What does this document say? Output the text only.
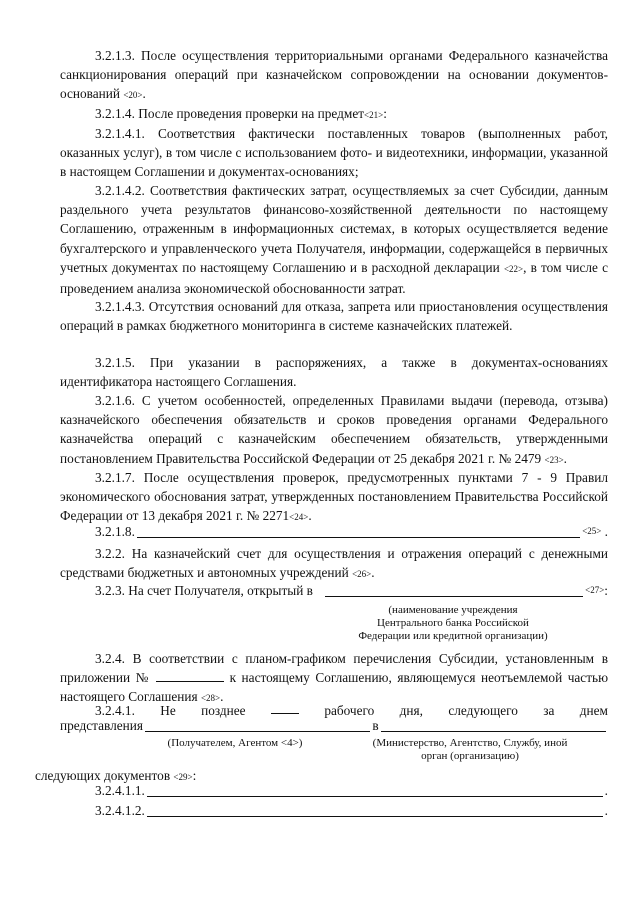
3.2.1.3. После осуществления территориальными органами Федерального казначейства санкционирования операций при казначейском сопровождении на основании документов-оснований <20>.

3.2.1.4. После проведения проверки на предмет<21>:

3.2.1.4.1. Соответствия фактически поставленных товаров (выполненных работ, оказанных услуг), в том числе с использованием фото- и видеотехники, информации, указанной в настоящем Соглашении и документах-основаниях;

3.2.1.4.2. Соответствия фактических затрат, осуществляемых за счет Субсидии, данным раздельного учета результатов финансово-хозяйственной деятельности по настоящему Соглашению, отраженным в информационных системах, в которых осуществляется ведение бухгалтерского и управленческого учета Получателя, информации, содержащейся в первичных учетных документах по настоящему Соглашению и в расходной декларации <22>, в том числе с проведением анализа экономической обоснованности затрат.

3.2.1.4.3. Отсутствия оснований для отказа, запрета или приостановления осуществления операций в рамках бюджетного мониторинга в системе казначейских платежей.

3.2.1.5. При указании в распоряжениях, а также в документах-основаниях идентификатора настоящего Соглашения.

3.2.1.6. С учетом особенностей, определенных Правилами выдачи (перевода, отзыва) казначейского обеспечения обязательств и сроков проведения органами Федерального казначейства операций с казначейским обеспечением обязательств, утвержденными постановлением Правительства Российской Федерации от 25 декабря 2021 г. № 2479 <23>.

3.2.1.7. После осуществления проверок, предусмотренных пунктами 7 - 9 Правил экономического обоснования затрат, утвержденных постановлением Правительства Российской Федерации от 13 декабря 2021 г. № 2271<24>.

3.2.1.8.	<25> .

3.2.2. На казначейский счет для осуществления и отражения операций с денежными средствами бюджетных и автономных учреждений <26>.

3.2.3. На счет Получателя, открытый в	<27> :

(наименование учреждения Центрального банка Российской Федерации или кредитной организации)

3.2.4. В соответствии с планом-графиком перечисления Субсидии, установленным в приложении №	к настоящему Соглашению, являющемуся неотъемлемой частью настоящего Соглашения <28>.

3.2.4.1. Не позднее	рабочего дня, следующего за днем
представления	в

(Получателем, Агентом <4>)	(Министерство, Агентство, Службу, иной орган (организацию)

следующих документов <29>:

3.2.4.1.1.	.
3.2.4.1.2.	.
